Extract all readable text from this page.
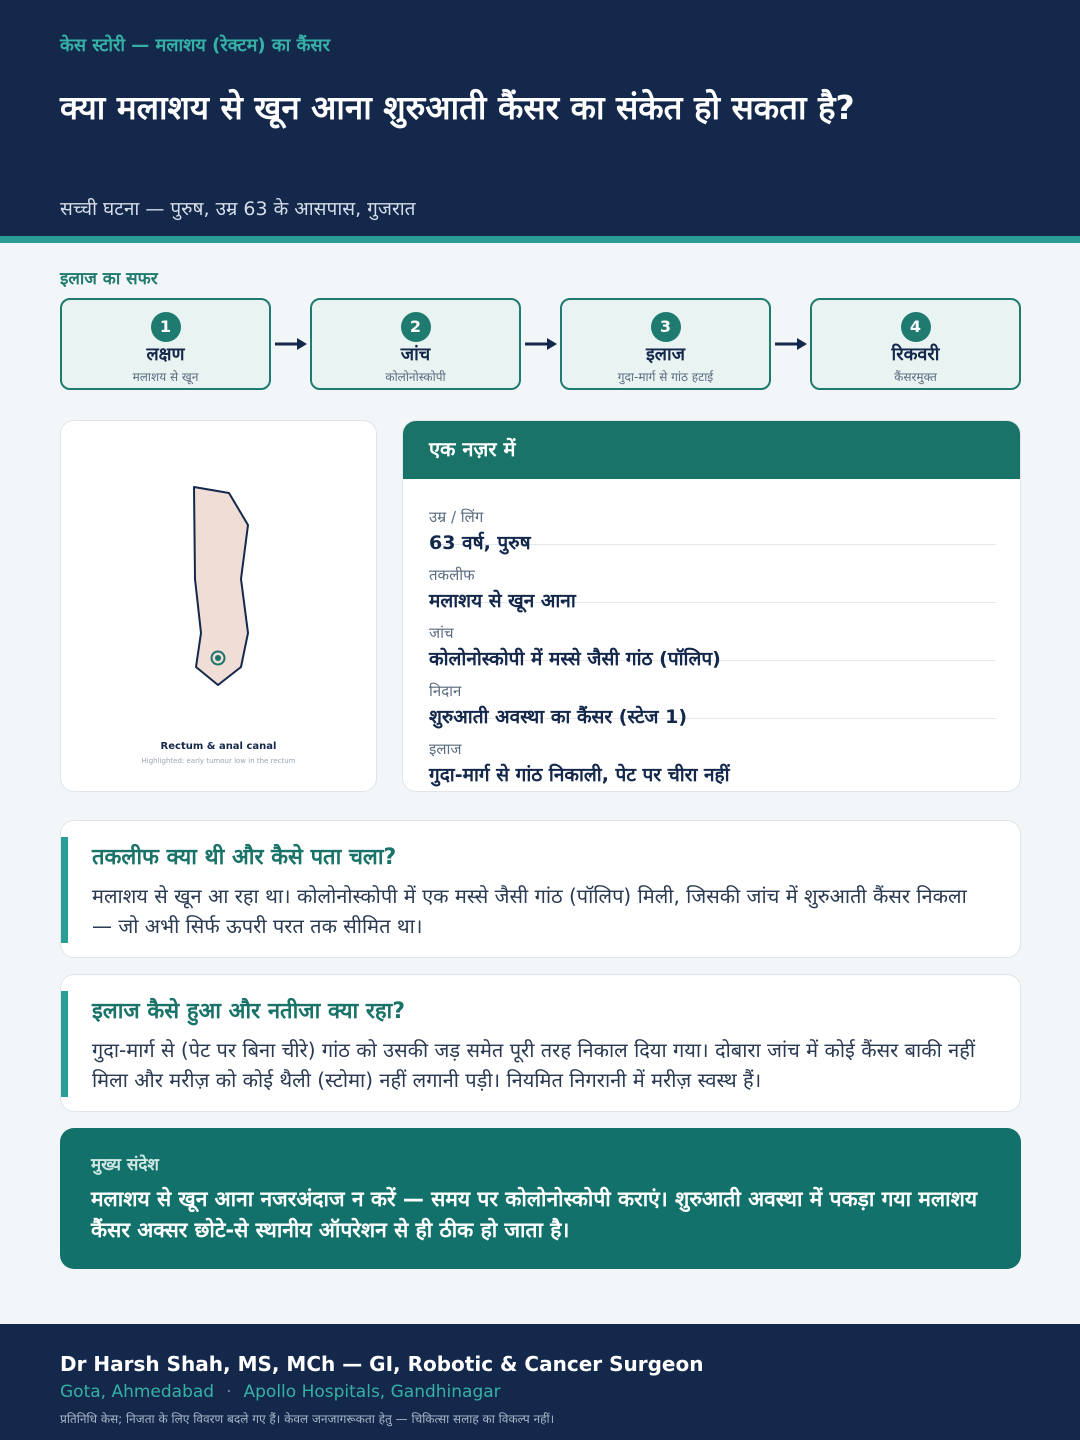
केस स्टोरी — मलाशय (रेक्टम) का कैंसर
क्या मलाशय से खून आना शुरुआती कैंसर का संकेत हो सकता है?
सच्ची घटना — पुरुष, उम्र 63 के आसपास, गुजरात
इलाज का सफर
1
लक्षण
मलाशय से खून
2
जांच
कोलोनोस्कोपी
3
इलाज
गुदा-मार्ग से गांठ हटाई
4
रिकवरी
कैंसरमुक्त
Rectum & anal canal
Highlighted: early tumour low in the rectum
एक नज़र में
उम्र / लिंग
63 वर्ष, पुरुष
तकलीफ
मलाशय से खून आना
जांच
कोलोनोस्कोपी में मस्से जैसी गांठ (पॉलिप)
निदान
शुरुआती अवस्था का कैंसर (स्टेज 1)
इलाज
गुदा-मार्ग से गांठ निकाली, पेट पर चीरा नहीं
तकलीफ क्या थी और कैसे पता चला?
मलाशय से खून आ रहा था। कोलोनोस्कोपी में एक मस्से जैसी गांठ (पॉलिप) मिली, जिसकी जांच में शुरुआती कैंसर निकला — जो अभी सिर्फ ऊपरी परत तक सीमित था।
इलाज कैसे हुआ और नतीजा क्या रहा?
गुदा-मार्ग से (पेट पर बिना चीरे) गांठ को उसकी जड़ समेत पूरी तरह निकाल दिया गया। दोबारा जांच में कोई कैंसर बाकी नहीं मिला और मरीज़ को कोई थैली (स्टोमा) नहीं लगानी पड़ी। नियमित निगरानी में मरीज़ स्वस्थ हैं।
मुख्य संदेश
मलाशय से खून आना नजरअंदाज न करें — समय पर कोलोनोस्कोपी कराएं। शुरुआती अवस्था में पकड़ा गया मलाशय कैंसर अक्सर छोटे-से स्थानीय ऑपरेशन से ही ठीक हो जाता है।
Dr Harsh Shah, MS, MCh — GI, Robotic & Cancer Surgeon
Gota, Ahmedabad · Apollo Hospitals, Gandhinagar
प्रतिनिधि केस; निजता के लिए विवरण बदले गए हैं। केवल जनजागरूकता हेतु — चिकित्सा सलाह का विकल्प नहीं।
